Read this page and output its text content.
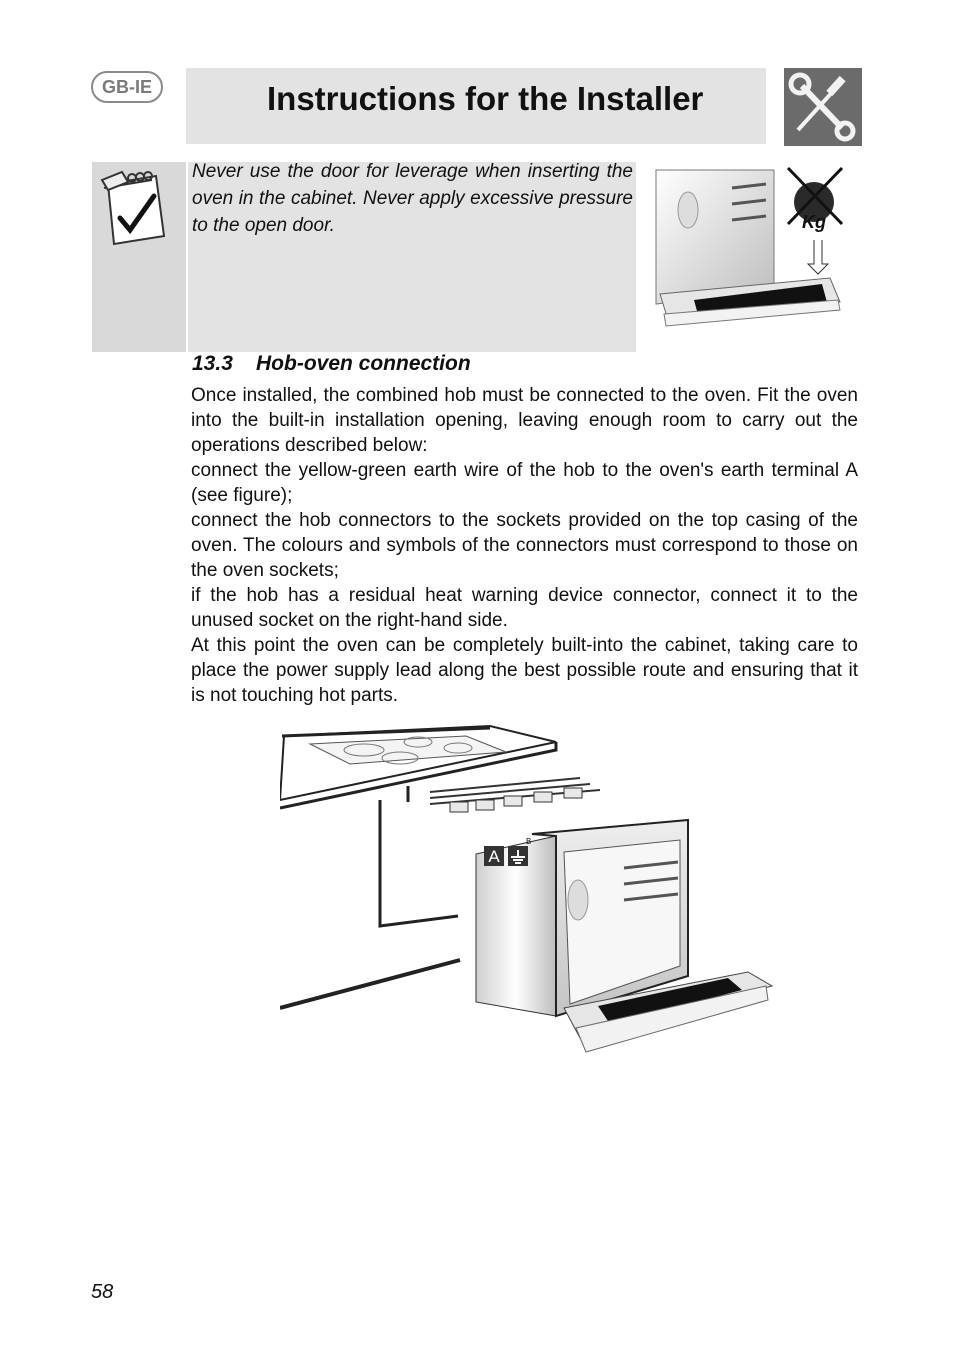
GB-IE	Instructions for the Installer
Never use the door for leverage when inserting the oven in the cabinet. Never apply excessive pressure to the open door.	Kg
13.3 Hob-oven connection

Once installed, the combined hob must be connected to the oven. Fit the oven into the built-in installation opening, leaving enough room to carry out the operations described below:

connect the yellow-green earth wire of the hob to the oven's earth terminal A (see figure);

connect the hob connectors to the sockets provided on the top casing of the oven. The colours and symbols of the connectors must correspond to those on the oven sockets;

if the hob has a residual heat warning device connector, connect it to the unused socket on the right-hand side.

At this point the oven can be completely built-into the cabinet, taking care to place the power supply lead along the best possible route and ensuring that it is not touching hot parts.

A
B
58
